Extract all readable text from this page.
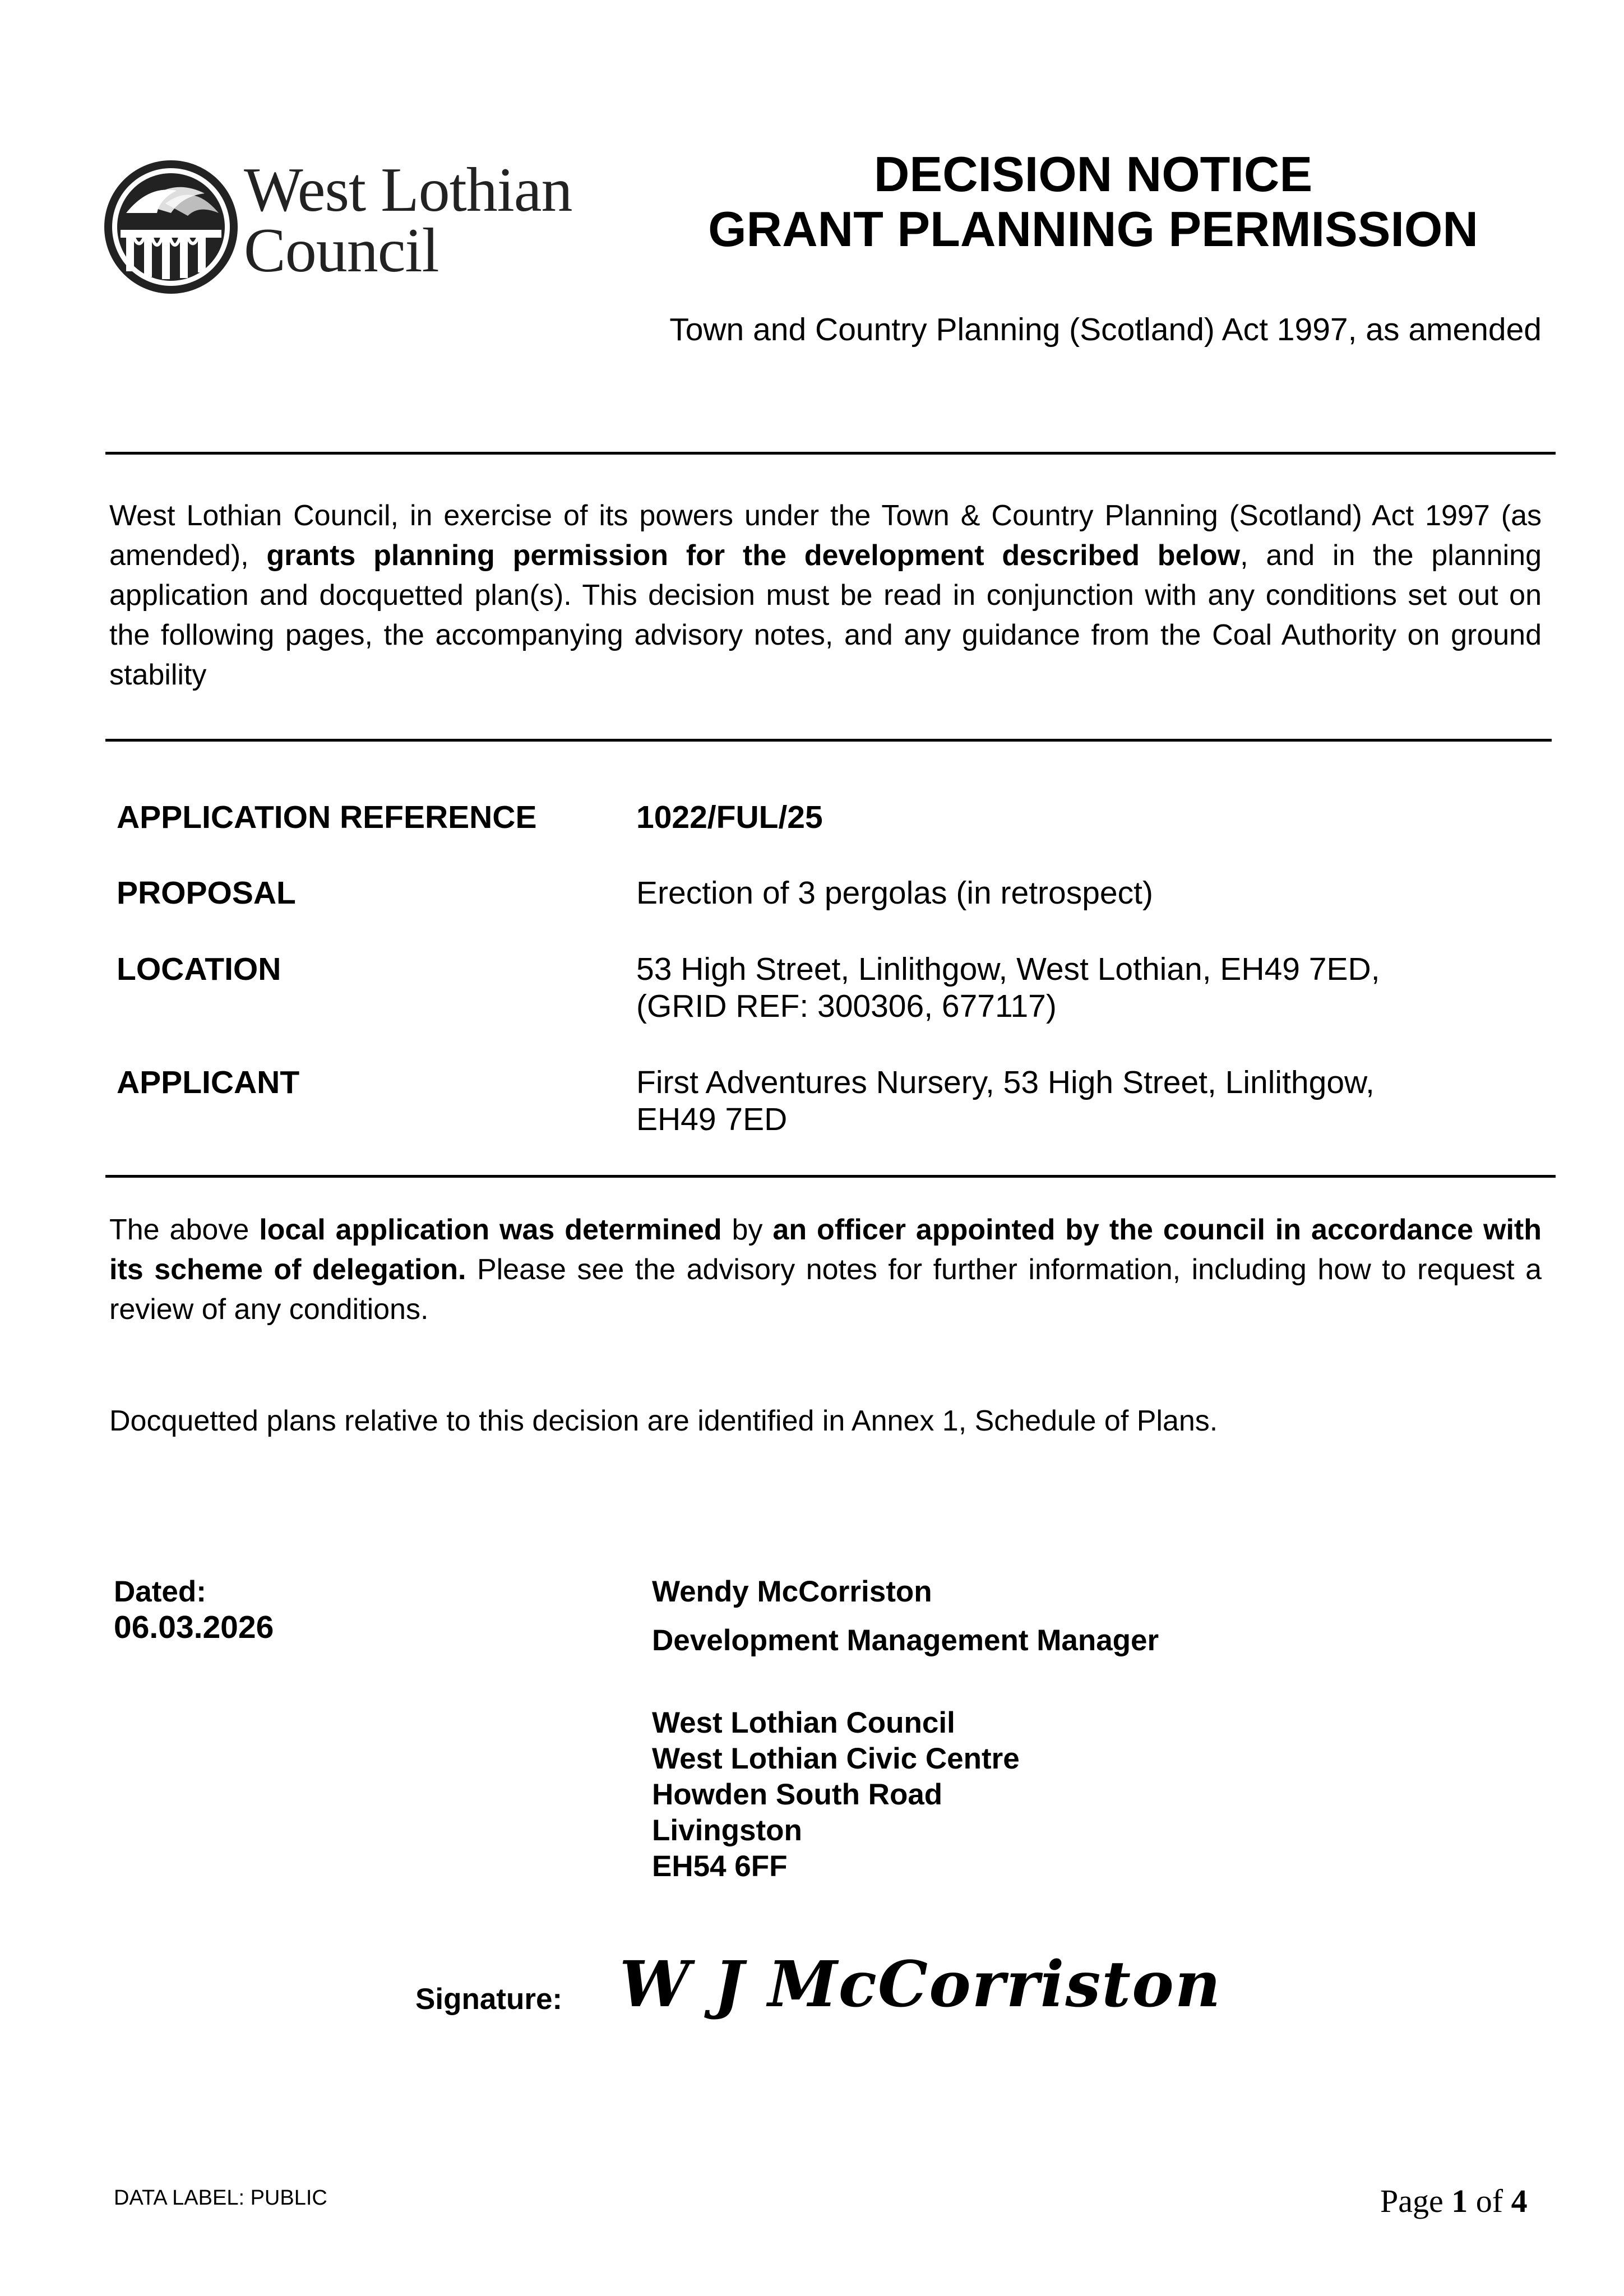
West Lothian
Council
DECISION NOTICE
GRANT PLANNING PERMISSION
Town and Country Planning (Scotland) Act 1997, as amended
West Lothian Council, in exercise of its powers under the Town & Country Planning (Scotland) Act 1997 (as amended), grants planning permission for the development described below, and in the planning application and docquetted plan(s). This decision must be read in conjunction with any conditions set out on the following pages, the accompanying advisory notes, and any guidance from the Coal Authority on ground stability
APPLICATION REFERENCE	1022/FUL/25
PROPOSAL	Erection of 3 pergolas (in retrospect)
LOCATION	53 High Street, Linlithgow, West Lothian, EH49 7ED,
(GRID REF: 300306, 677117)
APPLICANT	First Adventures Nursery, 53 High Street, Linlithgow,
EH49 7ED
The above local application was determined by an officer appointed by the council in accordance with its scheme of delegation. Please see the advisory notes for further information, including how to request a review of any conditions.
Docquetted plans relative to this decision are identified in Annex 1, Schedule of Plans.
Dated:
06.03.2026
Wendy McCorriston
Development Management Manager
West Lothian Council
West Lothian Civic Centre
Howden South Road
Livingston
EH54 6FF
Signature: W J McCorriston
DATA LABEL: PUBLIC	Page 1 of 4
